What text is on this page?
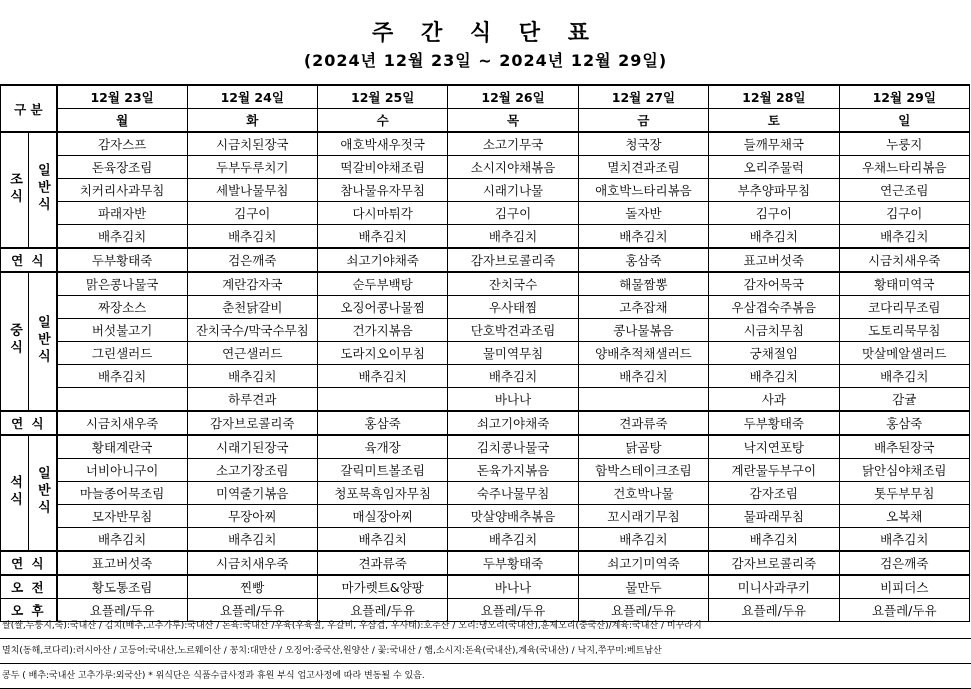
주 간 식 단 표
(2024년 12월 23일 ~ 2024년 12월 29일)
구 분		12월 23일	12월 24일	12월 25일	12월 26일	12월 27일	12월 28일	12월 29일
		월	화	수	목	금	토	일
조식	일반식	감자스프	시금치된장국	애호박새우젓국	소고기무국	청국장	들깨무채국	누룽지
		돈육장조림	두부두루치기	떡갈비야채조림	소시지야채볶음	멸치견과조림	오리주물럭	우채느타리볶음
		치커리사과무침	세발나물무침	참나물유자무침	시래기나물	애호박느타리볶음	부추양파무침	연근조림
		파래자반	김구이	다시마튀각	김구이	돌자반	김구이	김구이
		배추김치	배추김치	배추김치	배추김치	배추김치	배추김치	배추김치
연 식		두부황태죽	검은깨죽	쇠고기야채죽	감자브로콜리죽	홍삼죽	표고버섯죽	시금치새우죽
중식	일반식	맑은콩나물국	계란감자국	순두부백탕	잔치국수	해물짬뽕	감자어묵국	황태미역국
		짜장소스	춘천닭갈비	오징어콩나물찜	우사태찜	고추잡채	우삼겹숙주볶음	코다리무조림
		버섯불고기	잔치국수/막국수무침	건가지볶음	단호박견과조림	콩나물볶음	시금치무침	도토리묵무침
		그린샐러드	연근샐러드	도라지오이무침	물미역무침	양배추적채샐러드	궁채절임	맛살메알샐러드
		배추김치	배추김치	배추김치	배추김치	배추김치	배추김치	배추김치
			하루견과		바나나		사과	감귤
연 식		시금치새우죽	감자브로콜리죽	홍삼죽	쇠고기야채죽	견과류죽	두부황태죽	홍삼죽
석식	일반식	황태계란국	시래기된장국	육개장	김치콩나물국	닭곰탕	낙지연포탕	배추된장국
		너비아니구이	소고기장조림	갈릭미트볼조림	돈육가지볶음	함박스테이크조림	계란물두부구이	닭안심야채조림
		마늘종어묵조림	미역줄기볶음	청포묵흑임자무침	숙주나물무침	건호박나물	감자조림	톳두부무침
		모자반무침	무장아찌	매실장아찌	맛살양배추볶음	꼬시래기무침	물파래무침	오복채
		배추김치	배추김치	배추김치	배추김치	배추김치	배추김치	배추김치
연 식		표고버섯죽	시금치새우죽	견과류죽	두부황태죽	쇠고기미역죽	감자브로콜리죽	검은깨죽
오 전		황도통조림	찐빵	마가렛트&양팡	바나나	물만두	미니사과쿠키	비피더스
오 후		요플레/두유	요플레/두유	요플레/두유	요플레/두유	요플레/두유	요플레/두유	요플레/두유
쌀(쌀,누룽지,죽):국내산 / 김치(배추,고추가루):국내산 / 돈육:국내산 /우육(우육절, 우갈비, 우삼겹, 우사태):호주산 / 오리:냉오리(국내산),훈제오리(중국산)/계육:국내산 / 미꾸라지
멸치(동해,코다리):러시아산 / 고등어:국내산,노르웨이산 / 꽁치:대만산 / 오징어:중국산,원양산 / 꽃:국내산 / 햄,소시지:돈육(국내산),계육(국내산) / 낙지,쭈꾸미:베트남산
콩두 ( 배추:국내산 고추가루:외국산) * 위식단은 식품수급사정과 휴원 부식 업고사정에 따라 변동될 수 있음.
